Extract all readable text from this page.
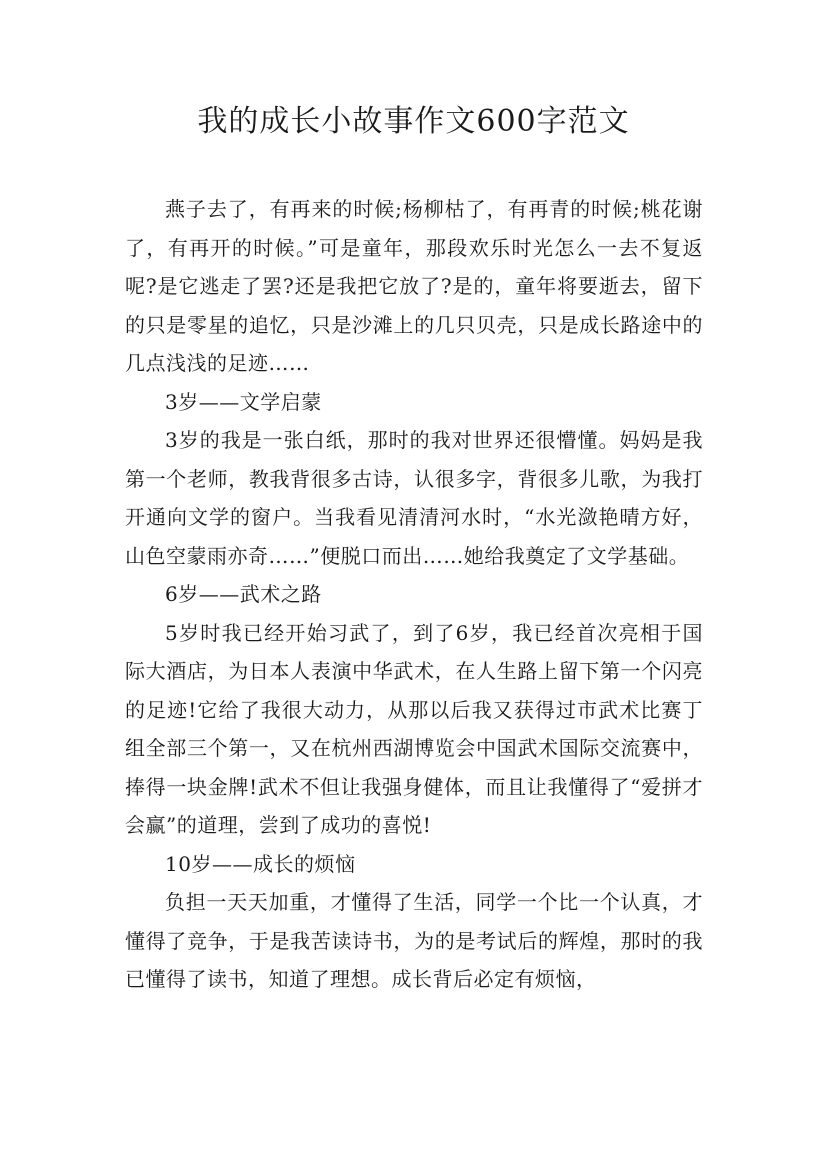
我的成长小故事作文600字范文

燕子去了，有再来的时候;杨柳枯了，有再青的时候;桃花谢了，有再开的时候。”可是童年，那段欢乐时光怎么一去不复返呢?是它逃走了罢?还是我把它放了?是的，童年将要逝去，留下的只是零星的追忆，只是沙滩上的几只贝壳，只是成长路途中的几点浅浅的足迹……

3岁——文学启蒙

3岁的我是一张白纸，那时的我对世界还很懵懂。妈妈是我第一个老师，教我背很多古诗，认很多字，背很多儿歌，为我打开通向文学的窗户。当我看见清清河水时，“水光潋艳晴方好，山色空蒙雨亦奇……”便脱口而出……她给我奠定了文学基础。

6岁——武术之路

5岁时我已经开始习武了，到了6岁，我已经首次亮相于国际大酒店，为日本人表演中华武术，在人生路上留下第一个闪亮的足迹!它给了我很大动力，从那以后我又获得过市武术比赛丁组全部三个第一，又在杭州西湖博览会中国武术国际交流赛中，捧得一块金牌!武术不但让我强身健体，而且让我懂得了“爱拼才会赢”的道理，尝到了成功的喜悦!

10岁——成长的烦恼

负担一天天加重，才懂得了生活，同学一个比一个认真，才懂得了竞争，于是我苦读诗书，为的是考试后的辉煌，那时的我已懂得了读书，知道了理想。成长背后必定有烦恼，
